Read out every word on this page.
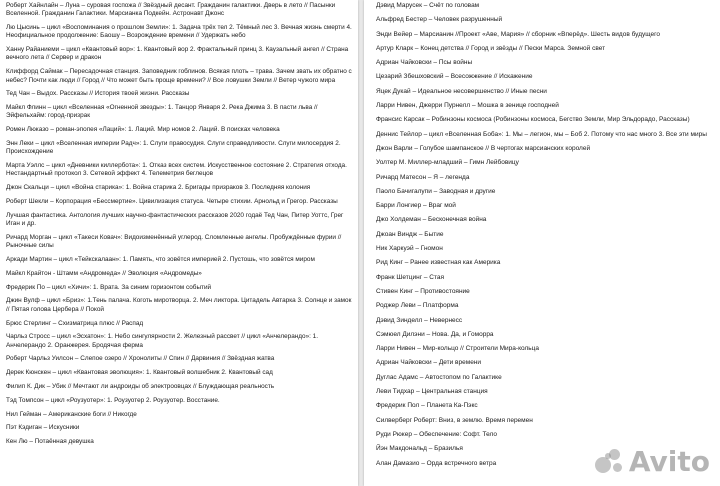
Роберт Хайнлайн – Луна – суровая госпожа // Звёздный десант. Гражданин галактики. Дверь в лето // Пасынки Вселенной. Гражданин Галактики. Марсианка Подкейн. Астронавт Джонс

Лю Цысинь – цикл «Воспоминания о прошлом Земли»: 1. Задача трёх тел 2. Тёмный лес 3. Вечная жизнь смерти 4. Неофициальное продолжение: Баошу – Возрождение времени // Удержать небо

Ханну Райаниеми – цикл «Квантовый вор»: 1. Квантовый вор 2. Фрактальный принц 3. Каузальный ангел // Страна вечного лета // Сервер и дракон

Клиффорд Саймак – Пересадочная станция. Заповедник гоблинов. Всякая плоть – трава. Зачем звать их обратно с небес? Почти как люди // Город // Что может быть проще времени? // Все ловушки Земли // Ветер чужого мира

Тед Чан – Выдох. Рассказы // История твоей жизни. Рассказы

Майкл Флинн – цикл «Вселенная «Огненной звезды»: 1. Танцор Января 2. Река Джима 3. В пасти льва // Эйфельхайм: город-призрак

Ромен Люказо – роман-эпопея «Лаций»: 1. Лаций. Мир номов 2. Лаций. В поисках человека

Энн Леки – цикл «Вселенная империи Радч»: 1. Слуги правосудия. Слуги справедливости. Слуги милосердия 2. Происхождение

Марта Уэллс – цикл «Дневники киллербота»: 1. Отказ всех систем. Искусственное состояние 2. Стратегия отхода. Нестандартный протокол 3. Сетевой эффект 4. Телеметрия беглецов

Джон Скальци – цикл «Война старика»: 1. Война старика 2. Бригады призраков 3. Последняя колония

Роберт Шекли – Корпорация «Бессмертие». Цивилизация статуса. Четыре стихии. Арнольд и Грегор. Рассказы

Лучшая фантастика. Антология лучших научно-фантастических рассказов 2020 годаё Тед Чан, Питер Уоттс, Грег Иган и др.

Ричард Морган – цикл «Такеси Ковач»: Видоизменённый углерод. Сломленные ангелы. Пробуждённые фурии // Рыночные силы

Аркади Мартин – цикл «Тейкскалаан»: 1. Память, что зовётся империей 2. Пустошь, что зовётся миром

Майкл Крайтон - Штамм «Андромеда» // Эволюция «Андромеды»

Фредерик По – цикл «Хичи»: 1. Врата. За синим горизонтом событий

Джин Вулф – цикл «Бриз»: 1.Тень палача. Коготь миротворца. 2. Меч ликтора. Цитадель Автарка 3. Солнце и замок // Пятая голова Цербера // Покой

Брюс Стерлинг – Схизматрица плюс // Распад

Чарльз Стросс – цикл «Эсхатон»: 1. Небо сингулярности 2. Железный рассвет // цикл «Анчелерандо»: 1. Анчелерандо 2. Оранжерея. Бродячая ферма

Роберт Чарльз Уилсон – Слепое озеро // Хронолиты // Спин // Дарвиния // Звёздная жатва

Дерек Кюнскен – цикл «Квантовая эволюция»: 1. Квантовый волшебник 2. Квантовый сад

Филип К. Дик – Убик // Мечтают ли андроиды об электроовцах // Блуждающая реальность

Тэд Томпсон – цикл «Роузуотер»: 1. Роузуотер 2. Роузуотер. Восстание.

Нил Гейман – Американские боги // Никогде

Пэт Кэдиган – Искусники

Кен Лю – Потаённая девушка

Дэвид Марусек – Счёт по головам

Альфред Бестер – Человек разрушенный

Энди Вейер – Марсианин //Проект «Аве, Мария» // сборник «Вперёд». Шесть видов будущего

Артур Кларк – Конец детства // Город и звёзды // Пески Марса. Земной свет

Адриан Чайковски – Псы войны

Цезарий Збешховский – Всесожжение // Искажение

Яцек Дукай – Идеальное несовершенство // Иные песни

Ларри Нивен, Джерри Пурнелл – Мошка в зенице господней

Франсис Карсак – Робинзоны космоса (Робинзоны космоса, Бегство Земли, Мир Эльдорадо, Рассказы)

Деннис Тейлор – цикл «Вселенная Боба»: 1. Мы – легион, мы – Боб 2. Потому что нас много 3. Все эти миры

Джон Варли – Голубое шампанское // В чертогах марсианских королей

Уолтер М. Миллер-младший – Гимн Лейбовицу

Ричард Матесон – Я – легенда

Паоло Бачигалупи – Заводная и другие

Барри Лонгиер – Враг мой

Джо Холдеман – Бесконечная война

Джоан Виндж – Бытие

Ник Харкуэй – Гномон

Рид Кинг – Ранее известная как Америка

Франк Шетцинг – Стая

Стивен Кинг – Противостояние

Роджер Леви – Платформа

Дэвид Зинделл – Невернесс

Сэмюел Дилэни – Нова. Да, и Гоморра

Ларри Нивен – Мир-кольцо // Строители Мира-кольца

Адриан Чайковски – Дети времени

Дуглас Адамс – Автостопом по Галактике

Леви Тидхар – Центральная станция

Фредерик Пол – Планета Ка-Пэкс

Силверберг Роберт: Вниз, в землю. Время перемен

Руди Рюкер – Обеспечение: Софт. Тело

Йэн Макдональд – Бразилья

Алан Дамазио – Орда встречного ветра	Avito
